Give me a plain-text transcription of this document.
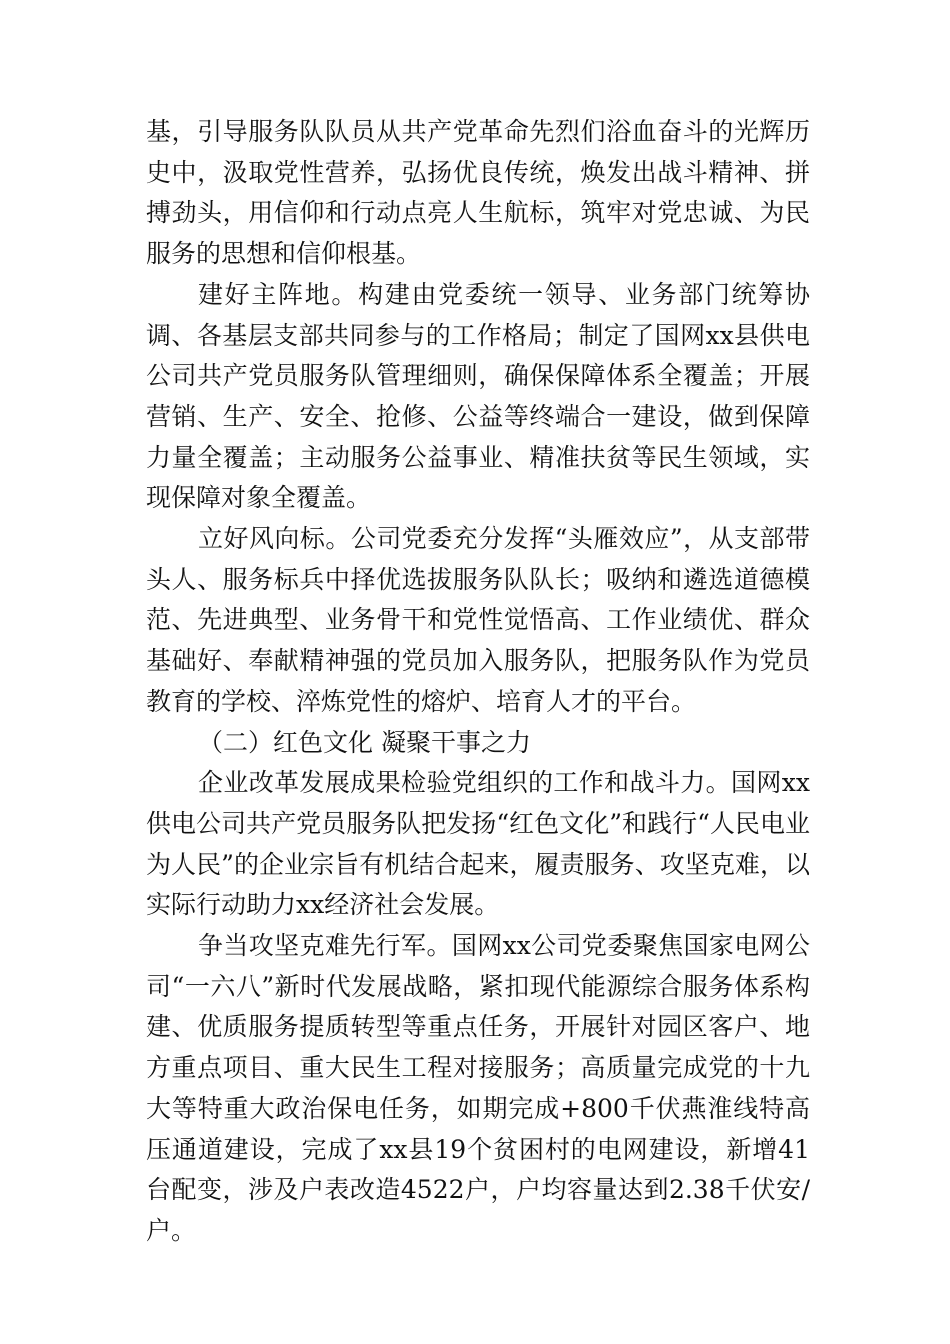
基，引导服务队队员从共产党革命先烈们浴血奋斗的光辉历史中，汲取党性营养，弘扬优良传统，焕发出战斗精神、拼搏劲头，用信仰和行动点亮人生航标，筑牢对党忠诚、为民服务的思想和信仰根基。

建好主阵地。构建由党委统一领导、业务部门统筹协调、各基层支部共同参与的工作格局；制定了国网xx县供电公司共产党员服务队管理细则，确保保障体系全覆盖；开展营销、生产、安全、抢修、公益等终端合一建设，做到保障力量全覆盖；主动服务公益事业、精准扶贫等民生领域，实现保障对象全覆盖。

立好风向标。公司党委充分发挥“头雁效应”，从支部带头人、服务标兵中择优选拔服务队队长；吸纳和遴选道德模范、先进典型、业务骨干和党性觉悟高、工作业绩优、群众基础好、奉献精神强的党员加入服务队，把服务队作为党员教育的学校、淬炼党性的熔炉、培育人才的平台。

（二）红色文化 凝聚干事之力

企业改革发展成果检验党组织的工作和战斗力。国网xx供电公司共产党员服务队把发扬“红色文化”和践行“人民电业为人民”的企业宗旨有机结合起来，履责服务、攻坚克难，以实际行动助力xx经济社会发展。

争当攻坚克难先行军。国网xx公司党委聚焦国家电网公司“一六八”新时代发展战略，紧扣现代能源综合服务体系构建、优质服务提质转型等重点任务，开展针对园区客户、地方重点项目、重大民生工程对接服务；高质量完成党的十九大等特重大政治保电任务，如期完成+800千伏燕淮线特高压通道建设，完成了xx县19个贫困村的电网建设，新增41台配变，涉及户表改造4522户，户均容量达到2.38千伏安/户。
